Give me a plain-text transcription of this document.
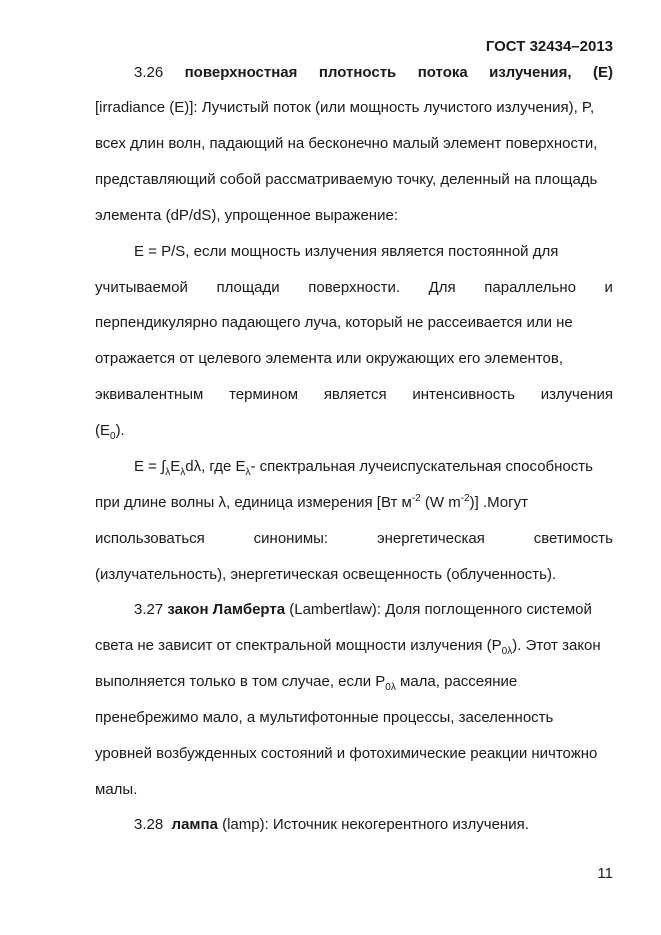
ГОСТ 32434–2013
3.26 поверхностная плотность потока излучения, (E)
[irradiance (E)]: Лучистый поток (или мощность лучистого излучения), P,
всех длин волн, падающий на бесконечно малый элемент поверхности,
представляющий собой рассматриваемую точку, деленный на площадь
элемента (dP/dS), упрощенное выражение:
E = P/S, если мощность излучения является постоянной для
учитываемой площади поверхности. Для параллельно и
перпендикулярно падающего луча, который не рассеивается или не
отражается от целевого элемента или окружающих его элементов,
эквивалентным термином является интенсивность излучения
$(E_0)$.
$E = \int_\lambda E_\lambda d\lambda$, где $E_\lambda-$ спектральная лучеиспускательная способность
при длине волны λ, единица измерения [Вт $м^{-2}$ (W $m^{-2}$)] .Могут
использоваться	синонимы:	энергетическая	светимость
(излучательность), энергетическая освещенность (облученность).
3.27 закон Ламберта (Lambertlaw): Доля поглощенного системой
света не зависит от спектральной мощности излучения $(P_{0\lambda})$. Этот закон
выполняется только в том случае, если $P_{0\lambda}$ мала, рассеяние
пренебрежимо мало, а мультифотонные процессы, заселенность
уровней возбужденных состояний и фотохимические реакции ничтожно
малы.
3.28 лампа (lamp): Источник некогерентного излучения.
11
